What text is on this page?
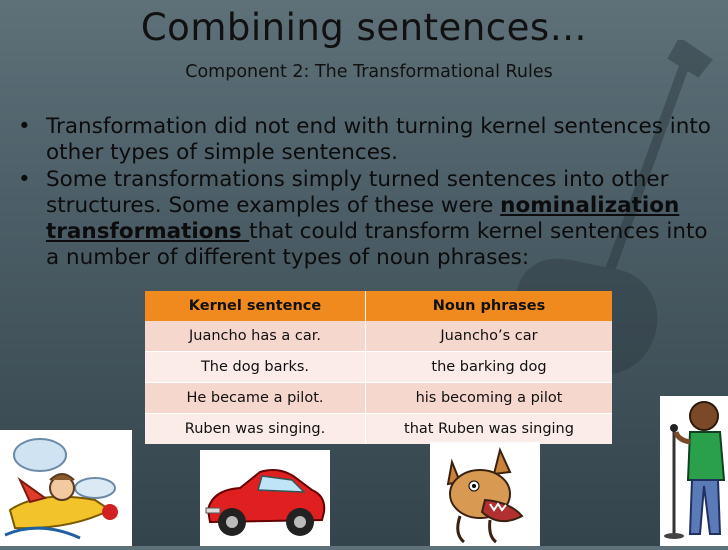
Combining sentences…
Component 2: The Transformational Rules
• Transformation did not end with turning kernel sentences into other types of simple sentences.
• Some transformations simply turned sentences into other structures. Some examples of these were nominalization transformations that could transform kernel sentences into a number of different types of noun phrases:
Kernel sentence	Noun phrases
Juancho has a car.	Juancho’s car
The dog barks.	the barking dog
He became a pilot.	his becoming a pilot
Ruben was singing.	that Ruben was singing
